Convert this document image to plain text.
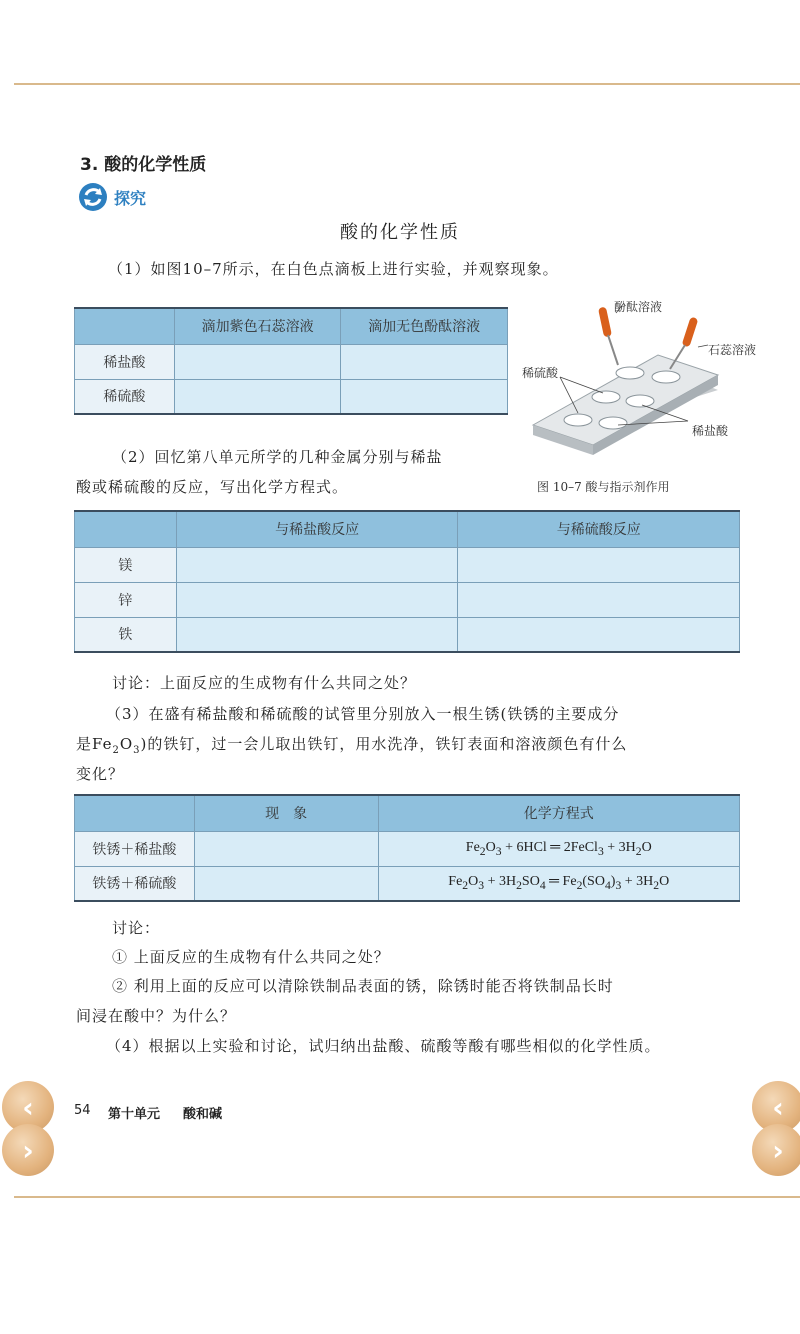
3. 酸的化学性质
探究
酸的化学性质
（1）如图10–7所示，在白色点滴板上进行实验，并观察现象。
	滴加紫色石蕊溶液	滴加无色酚酞溶液
稀盐酸		
稀硫酸		
酚酞溶液
石蕊溶液
稀硫酸
稀盐酸
图 10–7 酸与指示剂作用
（2）回忆第八单元所学的几种金属分别与稀盐
酸或稀硫酸的反应，写出化学方程式。
	与稀盐酸反应	与稀硫酸反应
镁		
锌		
铁		
讨论：上面反应的生成物有什么共同之处？
（3）在盛有稀盐酸和稀硫酸的试管里分别放入一根生锈(铁锈的主要成分
是$Fe_2O_3$)的铁钉，过一会儿取出铁钉，用水洗净，铁钉表面和溶液颜色有什么
变化？
	现　象	化学方程式
铁锈＋稀盐酸		$Fe_2O_3 + 6HCl$ ═ 2FeCl$_3$ + $3H_2O$
铁锈＋稀硫酸		$Fe_2O_3 + 3H_2SO_4$ ═ $Fe_2(SO_4)_3 + 3H_2O$
讨论：
① 上面反应的生成物有什么共同之处？
② 利用上面的反应可以清除铁制品表面的锈，除锈时能否将铁制品长时
间浸在酸中？为什么？
（4）根据以上实验和讨论，试归纳出盐酸、硫酸等酸有哪些相似的化学性质。
54 第十单元 酸和碱
‹
›
‹
›
